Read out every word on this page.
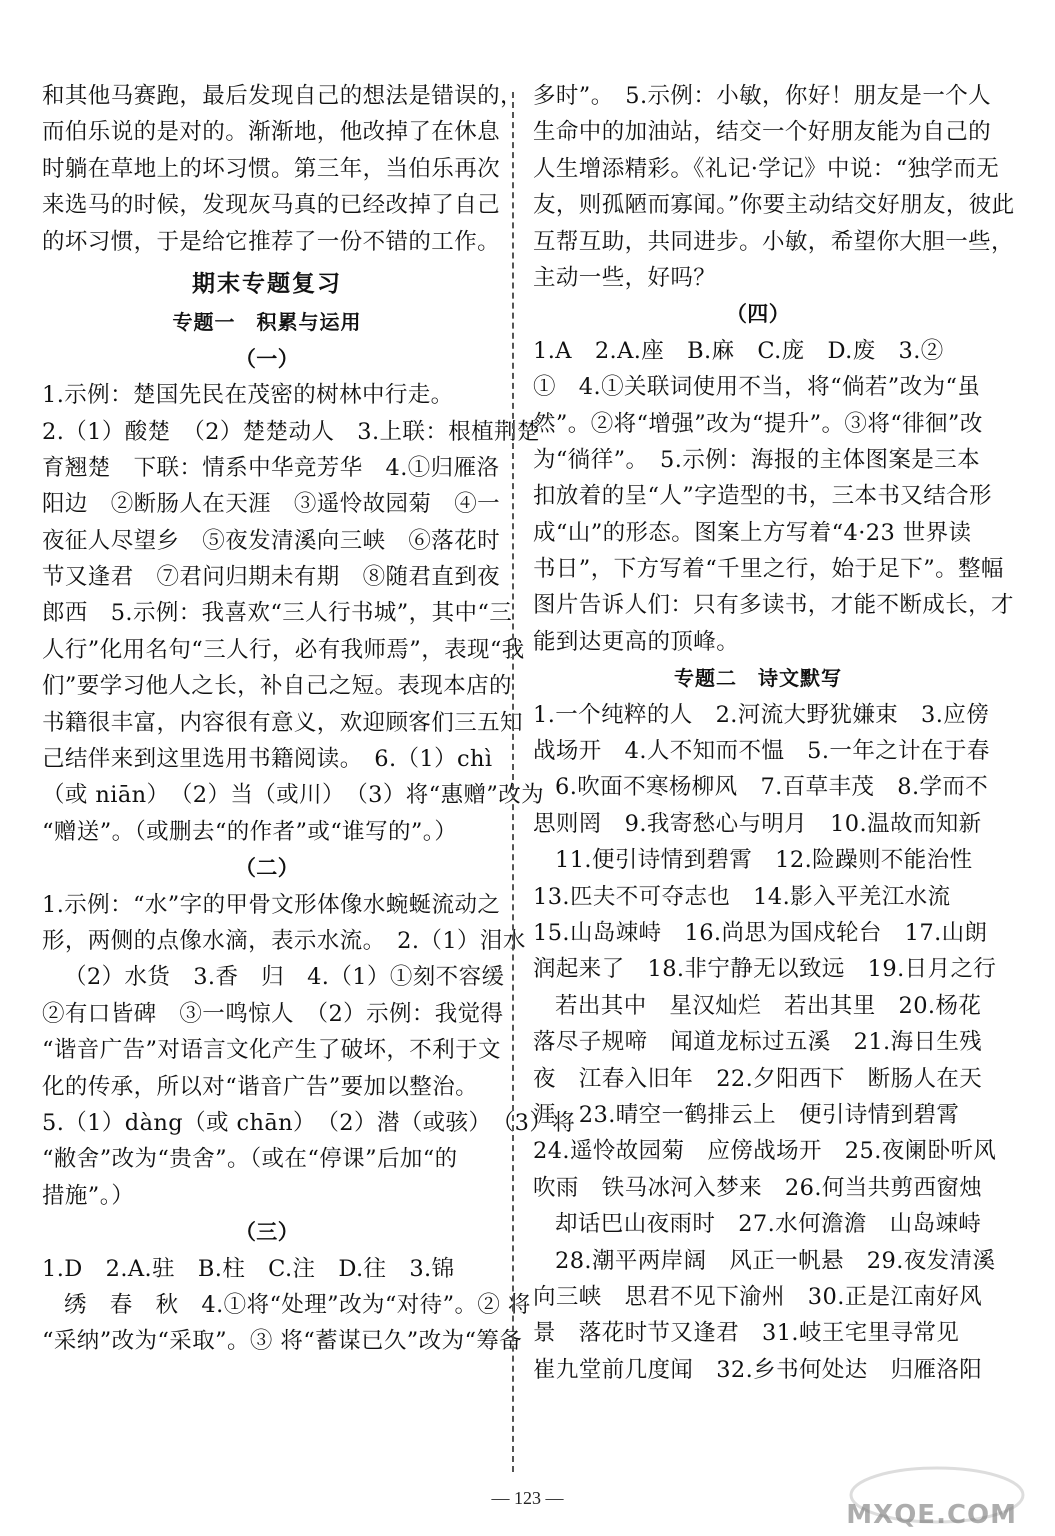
和其他马赛跑，最后发现自己的想法是错误的，
而伯乐说的是对的。渐渐地，他改掉了在休息
时躺在草地上的坏习惯。第三年，当伯乐再次
来选马的时候，发现灰马真的已经改掉了自己
的坏习惯，于是给它推荐了一份不错的工作。
期末专题复习
专题一　积累与运用
（一）
1.示例：楚国先民在茂密的树林中行走。
2.（1）酸楚　（2）楚楚动人　3.上联：根植荆楚
育翘楚　下联：情系中华竞芳华　4.①归雁洛
阳边　②断肠人在天涯　③遥怜故园菊　④一
夜征人尽望乡　⑤夜发清溪向三峡　⑥落花时
节又逢君　⑦君问归期未有期　⑧随君直到夜
郎西　5.示例：我喜欢“三人行书城”，其中“三
人行”化用名句“三人行，必有我师焉”，表现“我
们”要学习他人之长，补自己之短。表现本店的
书籍很丰富，内容很有意义，欢迎顾客们三五知
己结伴来到这里选用书籍阅读。　6.（1）chì
（或 niān）　（2）当（或川）　（3）将“惠赠”改为
“赠送”。（或删去“的作者”或“谁写的”。）
（二）
1.示例：“水”字的甲骨文形体像水蜿蜒流动之
形，两侧的点像水滴，表示水流。　2.（1）泪水
（2）水货　3.香　归　4.（1）①刻不容缓
②有口皆碑　③一鸣惊人　（2）示例：我觉得
“谐音广告”对语言文化产生了破坏，不利于文
化的传承，所以对“谐音广告”要加以整治。
5.（1）dàng（或 chān）　（2）潜（或骇）　（3）将
“敝舍”改为“贵舍”。（或在“停课”后加“的
措施”。）
（三）
1.D　2.A.驻　B.柱　C.注　D.往　3.锦
绣　春　秋　4.①将“处理”改为“对待”。② 将
“采纳”改为“采取”。③ 将“蓄谋已久”改为“筹备
多时”。　5.示例：小敏，你好！朋友是一个人
生命中的加油站，结交一个好朋友能为自己的
人生增添精彩。《礼记·学记》中说：“独学而无
友，则孤陋而寡闻。”你要主动结交好朋友，彼此
互帮互助，共同进步。小敏，希望你大胆一些，
主动一些，好吗？
（四）
1.A　2.A.座　B.麻　C.庞　D.废　3.②
①　4.①关联词使用不当，将“倘若”改为“虽
然”。②将“增强”改为“提升”。③将“徘徊”改
为“徜徉”。　5.示例：海报的主体图案是三本
扣放着的呈“人”字造型的书，三本书又结合形
成“山”的形态。图案上方写着“4·23 世界读
书日”，下方写着“千里之行，始于足下”。整幅
图片告诉人们：只有多读书，才能不断成长，才
能到达更高的顶峰。
专题二　诗文默写
1.一个纯粹的人　2.河流大野犹嫌束　3.应傍
战场开　4.人不知而不愠　5.一年之计在于春
6.吹面不寒杨柳风　7.百草丰茂　8.学而不
思则罔　9.我寄愁心与明月　10.温故而知新
11.便引诗情到碧霄　12.险躁则不能治性
13.匹夫不可夺志也　14.影入平羌江水流
15.山岛竦峙　16.尚思为国戍轮台　17.山朗
润起来了　18.非宁静无以致远　19.日月之行
若出其中　星汉灿烂　若出其里　20.杨花
落尽子规啼　闻道龙标过五溪　21.海日生残
夜　江春入旧年　22.夕阳西下　断肠人在天
涯　23.晴空一鹤排云上　便引诗情到碧霄
24.遥怜故园菊　应傍战场开　25.夜阑卧听风
吹雨　铁马冰河入梦来　26.何当共剪西窗烛
却话巴山夜雨时　27.水何澹澹　山岛竦峙
28.潮平两岸阔　风正一帆悬　29.夜发清溪
向三峡　思君不见下渝州　30.正是江南好风
景　落花时节又逢君　31.岐王宅里寻常见
崔九堂前几度闻　32.乡书何处达　归雁洛阳
— 123 —
MXQE.COM
